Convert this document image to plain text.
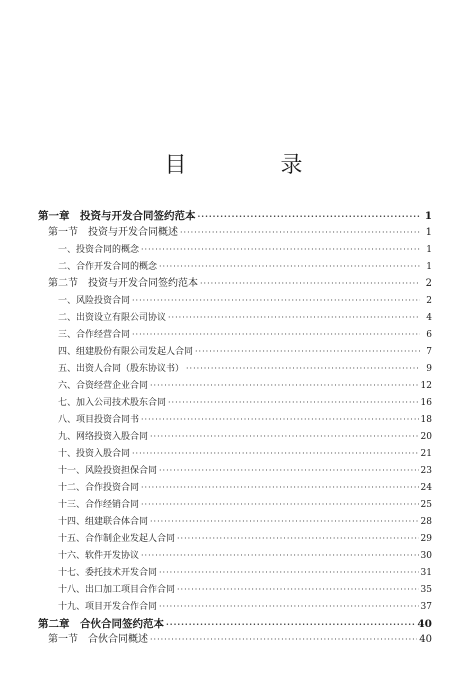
目　录
第一章　投资与开发合同签约范本 ·····	1
第一节　投资与开发合同概述 ·····	1
一、投资合同的概念 ·····	1
二、合作开发合同的概念 ·····	1
第二节　投资与开发合同签约范本 ·····	2
一、风险投资合同 ·····	2
二、出资设立有限公司协议 ·····	4
三、合作经营合同 ·····	6
四、组建股份有限公司发起人合同 ·····	7
五、出资人合同（股东协议书） ·····	9
六、合资经营企业合同 ·····	12
七、加入公司技术股东合同 ·····	16
八、项目投资合同书 ·····	18
九、网络投资入股合同 ·····	20
十、投资入股合同 ·····	21
十一、风险投资担保合同 ·····	23
十二、合作投资合同 ·····	24
十三、合作经销合同 ·····	25
十四、组建联合体合同 ·····	28
十五、合作制企业发起人合同 ·····	29
十六、软件开发协议 ·····	30
十七、委托技术开发合同 ·····	31
十八、出口加工项目合作合同 ·····	35
十九、项目开发合作合同 ·····	37
第二章　合伙合同签约范本 ·····	40
第一节　合伙合同概述 ·····	40
